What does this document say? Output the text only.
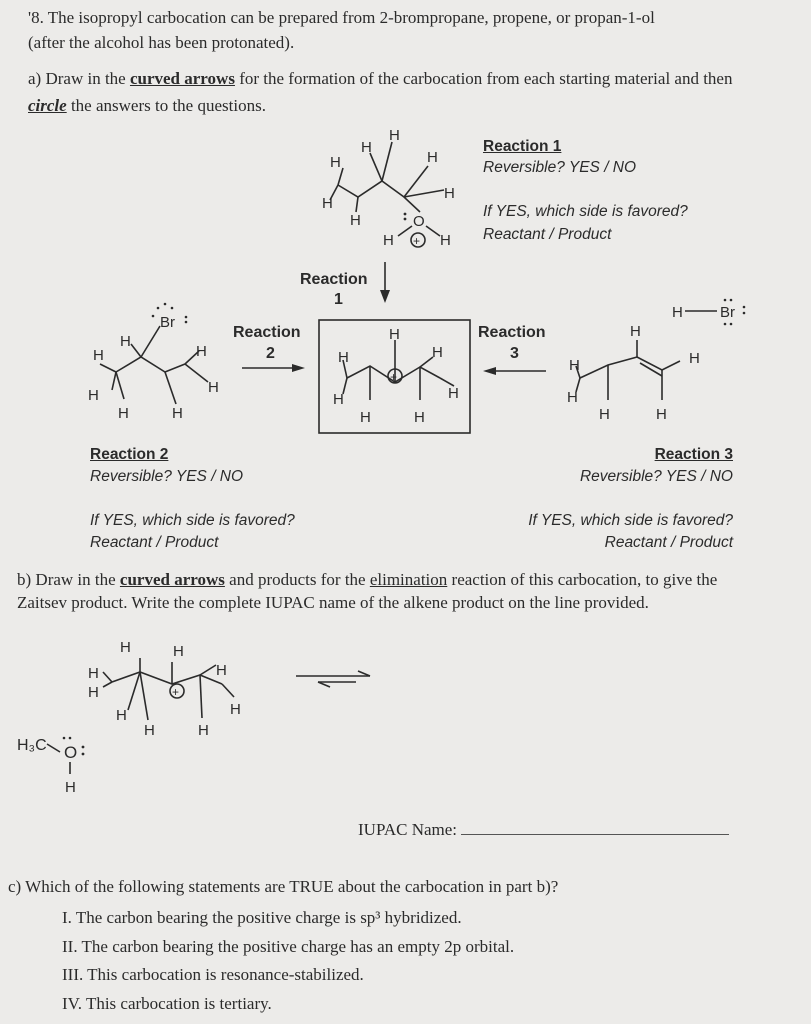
'8. The isopropyl carbocation can be prepared from 2-brompropane, propene, or propan-1-ol
(after the alcohol has been protonated).
a) Draw in the curved arrows for the formation of the carbocation from each starting material and then
circle the answers to the questions.
Reaction 1
Reversible? YES / NO
If YES, which side is favored?
Reactant / Product
Reaction 2
Reversible? YES / NO
If YES, which side is favored?
Reactant / Product
Reaction 3
Reversible? YES / NO
If YES, which side is favored?
Reactant / Product
H
H
H
H
H
H
H	O
H	H
+
Reaction
1
H
H
Br
H
H
H
H	H
Reaction
2
H
H	H
H
H
H	H
+
Reaction
3
H Br
H
H	H
H
H	H
b) Draw in the curved arrows and products for the elimination reaction of this carbocation, to give the
Zaitsev product. Write the complete IUPAC name of the alkene product on the line provided.
H	H
H	H
H
H
H
H	H
+
H₃C O
H
IUPAC Name:
c) Which of the following statements are TRUE about the carbocation in part b)?
I. The carbon bearing the positive charge is sp³ hybridized.
II. The carbon bearing the positive charge has an empty 2p orbital.
III. This carbocation is resonance-stabilized.
IV. This carbocation is tertiary.
